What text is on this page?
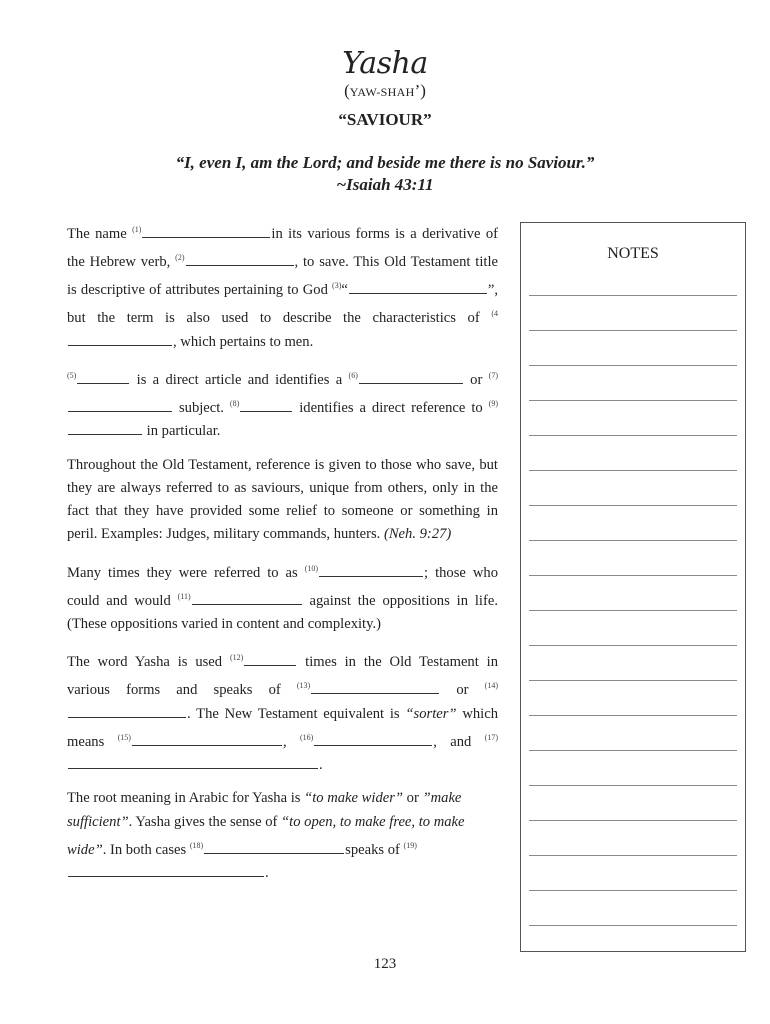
Yasha
(YAW-SHAH’)
“SAVIOUR”
“I, even I, am the Lord; and beside me there is no Saviour.”
~Isaiah 43:11

The name $^{(1)}$	in its various forms is a derivative of the Hebrew verb, $^{(2)}$	, to save. This Old Testament title is descriptive of attributes pertaining to God $^{(3)}$“	”, but the term is also used to describe the characteristics of $^{(4}$, which pertains to men.

$^{(5)}$	is a direct article and identifies a $^{(6)}$	or $^{(7)}$ subject. $^{(8)}$	identifies a direct reference to $^{(9)}$ in particular.

Throughout the Old Testament, reference is given to those who save, but they are always referred to as saviours, unique from others, only in the fact that they have provided some relief to someone or something in peril. Examples: Judges, military commands, hunters. (Neh. 9:27)

Many times they were referred to as $^{(10)}$	; those who could and would $^{(11)}$	against the oppositions in life. (These oppositions varied in content and complexity.)

The word Yasha is used $^{(12)}$	times in the Old Testament in various forms and speaks of $^{(13)}$	or $^{(14)}$. The New Testament equivalent is “sorter” which means $^{(15)}$	, $^{(16)}$	, and $^{(17)}$.

The root meaning in Arabic for Yasha is “to make wider” or ”make sufficient”. Yasha gives the sense of “to open, to make free, to make wide”. In both cases $^{(18)}$	speaks of $^{(19)}$.

NOTES
123
